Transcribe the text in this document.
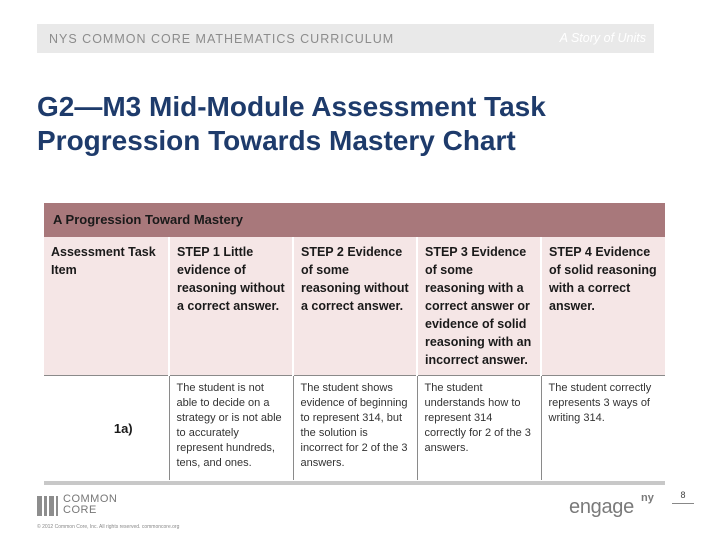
NYS COMMON CORE MATHEMATICS CURRICULUM	A Story of Units
G2—M3 Mid-Module Assessment Task
Progression Towards Mastery Chart
A Progression Toward Mastery
Assessment Task Item	STEP 1 Little evidence of reasoning without a correct answer.	STEP 2 Evidence of some reasoning without a correct answer.	STEP 3 Evidence of some reasoning with a correct answer or evidence of solid reasoning with an incorrect answer.	STEP 4 Evidence of solid reasoning with a correct answer.
1a)	The student is not able to decide on a strategy or is not able to accurately represent hundreds, tens, and ones.	The student shows evidence of beginning to represent 314, but the solution is incorrect for 2 of the 3 answers.	The student understands how to represent 314 correctly for 2 of the 3 answers.	The student correctly represents 3 ways of writing 314.
COMMON
CORE
© 2012 Common Core, Inc. All rights reserved. commoncore.org
engage ny	8
